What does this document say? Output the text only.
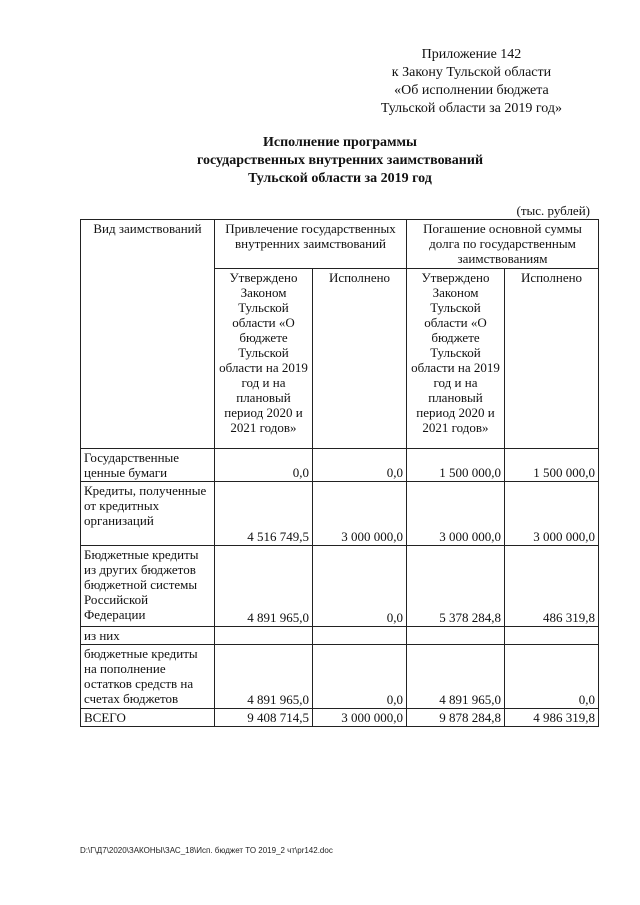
Приложение 142
к Закону Тульской области
«Об исполнении бюджета
Тульской области за 2019 год»
Исполнение программы
государственных внутренних заимствований
Тульской области за 2019 год
(тыс. рублей)
Вид заимствований	Привлечение государственных внутренних заимствований		Погашение основной суммы долга по государственным заимствованиям	
	Утверждено Законом Тульской области «О бюджете Тульской области на 2019 год и на плановый период 2020 и 2021 годов»	Исполнено	Утверждено Законом Тульской области «О бюджете Тульской области на 2019 год и на плановый период 2020 и 2021 годов»	Исполнено
Государственные ценные бумаги	0,0	0,0	1 500 000,0	1 500 000,0
Кредиты, полученные от кредитных организаций	4 516 749,5	3 000 000,0	3 000 000,0	3 000 000,0
Бюджетные кредиты из других бюджетов бюджетной системы Российской Федерации	4 891 965,0	0,0	5 378 284,8	486 319,8
из них				
бюджетные кредиты на пополнение остатков средств на счетах бюджетов	4 891 965,0	0,0	4 891 965,0	0,0
ВСЕГО	9 408 714,5	3 000 000,0	9 878 284,8	4 986 319,8
D:\Г\Д7\2020\ЗАКОНЫ\ЗАС_18\Исп. бюджет ТО 2019_2 чт\pr142.doc
